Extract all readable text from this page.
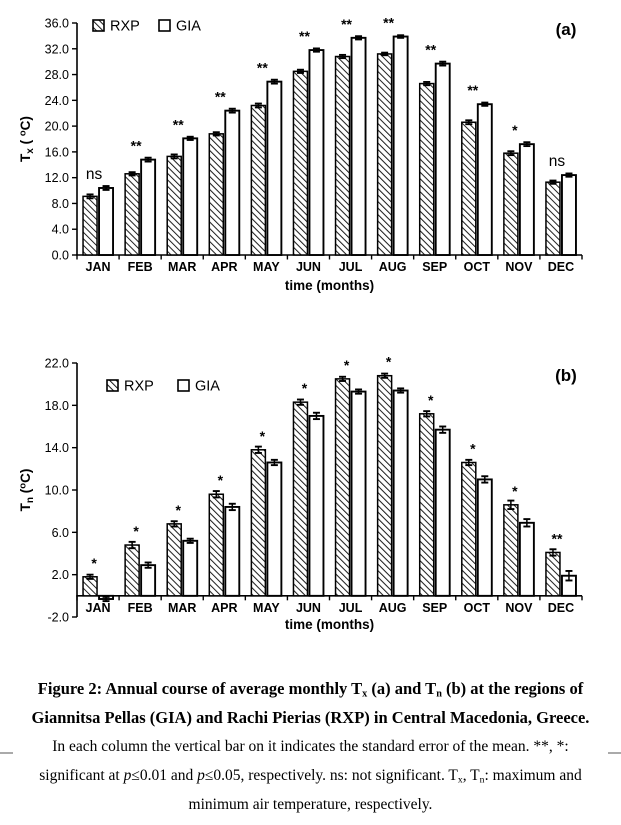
0.0
4.0
8.0
12.0
16.0
20.0
24.0
28.0
32.0
36.0
JAN
ns
FEB
**
MAR
**
APR
**
MAY
**
JUN
**
JUL
**
AUG
**
SEP
**
OCT
**
NOV
*
DEC
ns
time (months)
$T_x$ ( $^o$C)
RXP GIA	(a)
-2.0
2.0
6.0
10.0
14.0
18.0
22.0
JAN
*
FEB
*
MAR
*
APR
*
MAY
*
JUN
*
JUL
*
AUG
*
SEP
*
OCT
*
NOV
*
DEC
**
time (months)
$T_n$ ($^o$C)
RXP	GIA
(b)
Figure 2: Annual course of average monthly Tx (a) and Tn (b) at the regions of
Giannitsa Pellas (GIA) and Rachi Pierias (RXP) in Central Macedonia, Greece.
In each column the vertical bar on it indicates the standard error of the mean. **, *:
significant at p≤0.01 and p≤0.05, respectively. ns: not significant. Tx, Tn: maximum and
minimum air temperature, respectively.
